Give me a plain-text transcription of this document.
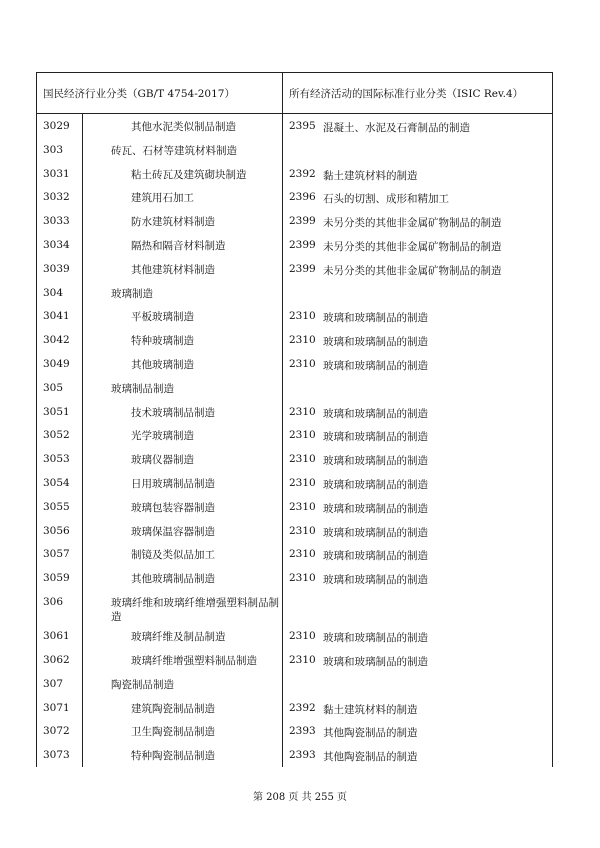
国民经济行业分类（GB/T 4754-2017）	所有经济活动的国际标准行业分类（ISIC Rev.4）
3029	其他水泥类似制品制造	2395 混凝土、水泥及石膏制品的制造
303	砖瓦、石材等建筑材料制造
3031	粘土砖瓦及建筑砌块制造	2392 黏土建筑材料的制造
3032	建筑用石加工	2396 石头的切割、成形和精加工
3033	防水建筑材料制造	2399 未另分类的其他非金属矿物制品的制造
3034	隔热和隔音材料制造	2399 未另分类的其他非金属矿物制品的制造
3039	其他建筑材料制造	2399 未另分类的其他非金属矿物制品的制造
304	玻璃制造
3041	平板玻璃制造	2310 玻璃和玻璃制品的制造
3042	特种玻璃制造	2310 玻璃和玻璃制品的制造
3049	其他玻璃制造	2310 玻璃和玻璃制品的制造
305	玻璃制品制造
3051	技术玻璃制品制造	2310 玻璃和玻璃制品的制造
3052	光学玻璃制造	2310 玻璃和玻璃制品的制造
3053	玻璃仪器制造	2310 玻璃和玻璃制品的制造
3054	日用玻璃制品制造	2310 玻璃和玻璃制品的制造
3055	玻璃包装容器制造	2310 玻璃和玻璃制品的制造
3056	玻璃保温容器制造	2310 玻璃和玻璃制品的制造
3057	制镜及类似品加工	2310 玻璃和玻璃制品的制造
3059	其他玻璃制品制造	2310 玻璃和玻璃制品的制造
306	玻璃纤维和玻璃纤维增强塑料制品制造
3061	玻璃纤维及制品制造	2310 玻璃和玻璃制品的制造
3062	玻璃纤维增强塑料制品制造	2310 玻璃和玻璃制品的制造
307	陶瓷制品制造
3071	建筑陶瓷制品制造	2392 黏土建筑材料的制造
3072	卫生陶瓷制品制造	2393 其他陶瓷制品的制造
3073	特种陶瓷制品制造	2393 其他陶瓷制品的制造
第 208 页 共 255 页
